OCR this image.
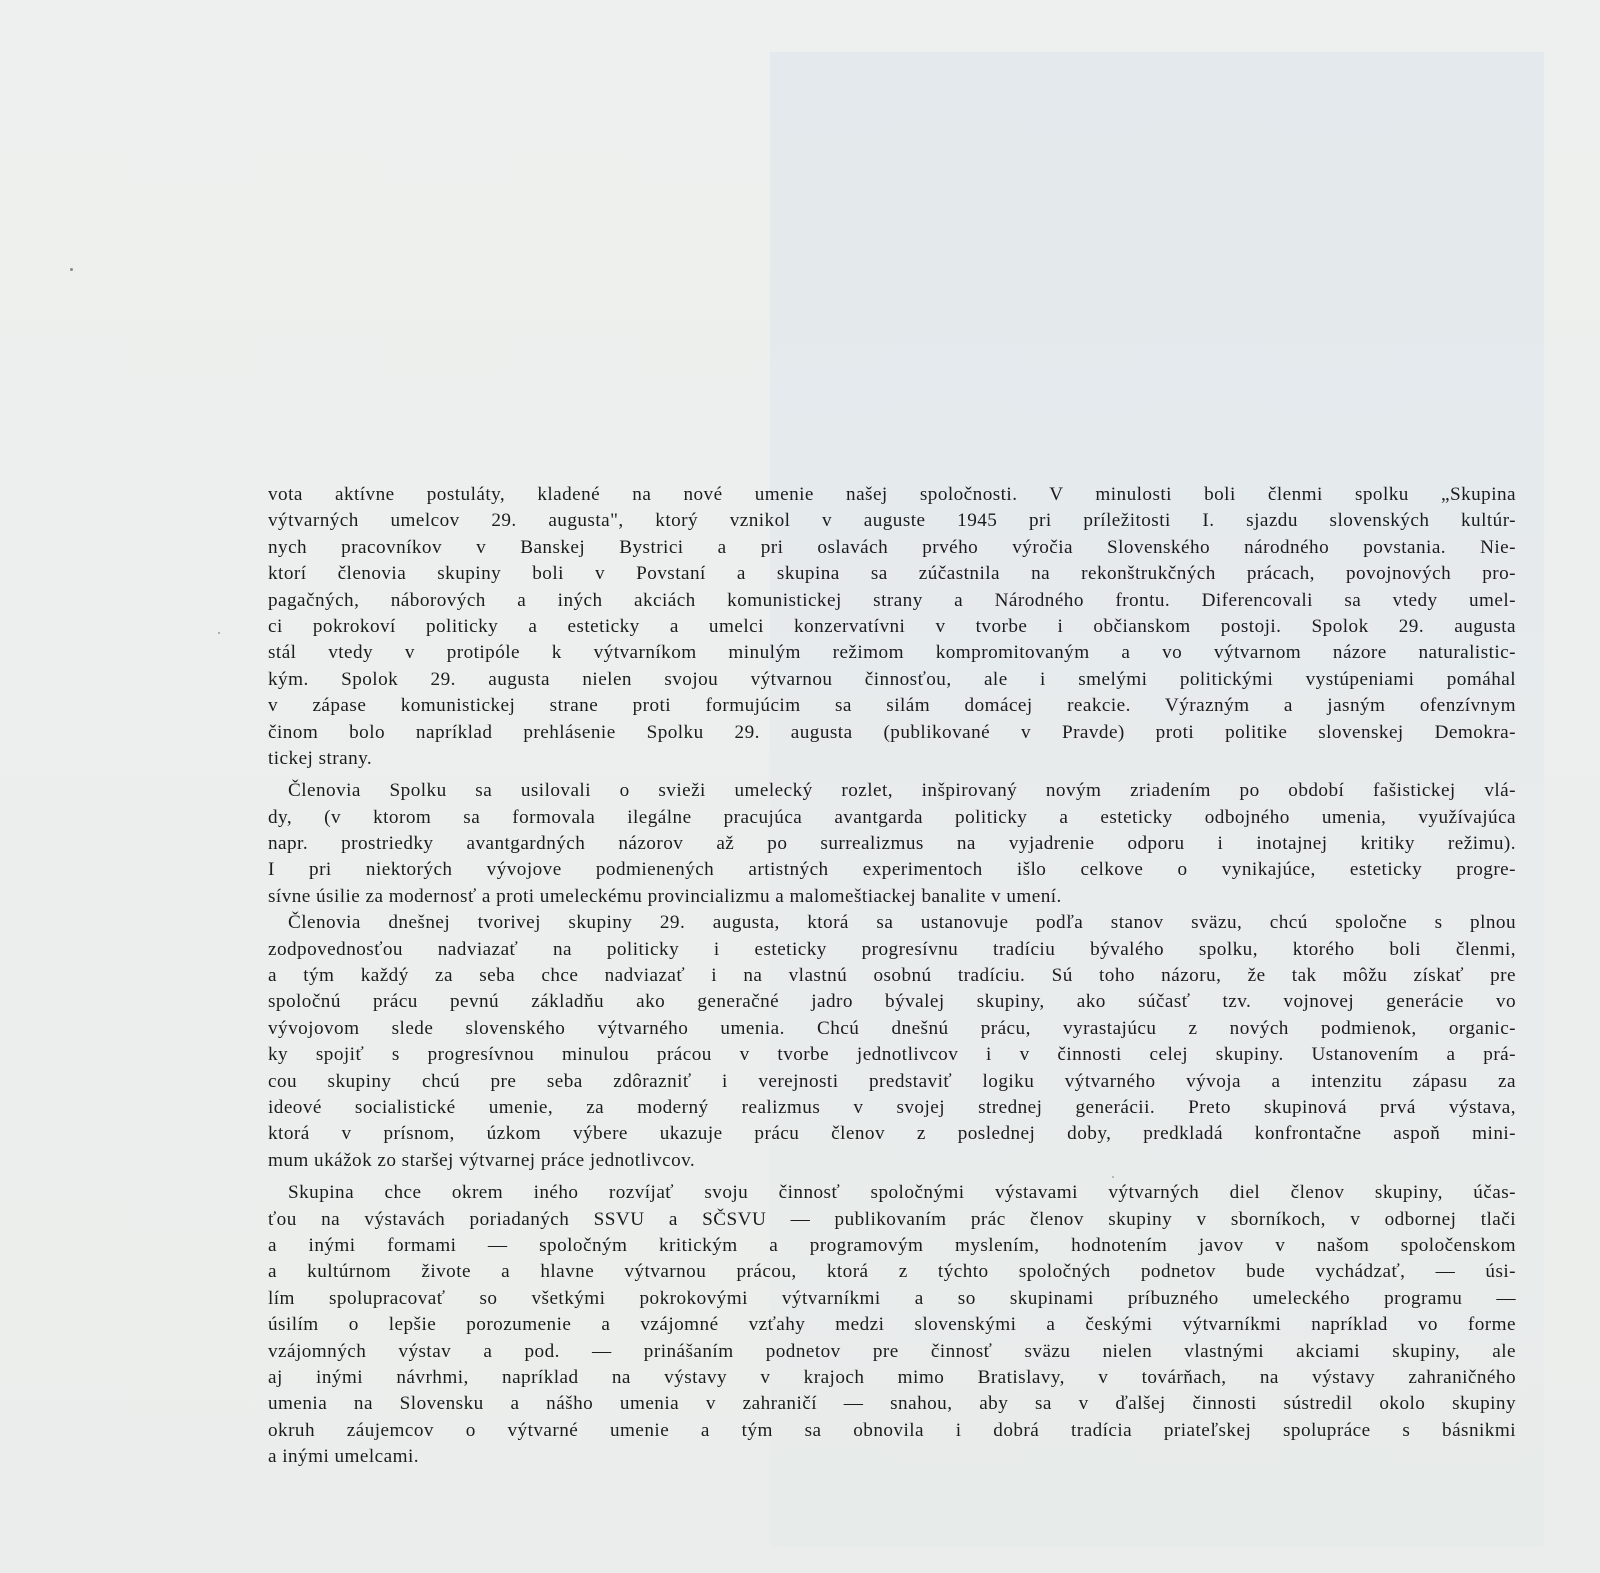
vota aktívne postuláty, kladené na nové umenie našej spoločnosti. V minulosti boli členmi spolku „Skupina
výtvarných umelcov 29. augusta", ktorý vznikol v auguste 1945 pri príležitosti I. sjazdu slovenských kultúr-
nych pracovníkov v Banskej Bystrici a pri oslavách prvého výročia Slovenského národného povstania. Nie-
ktorí členovia skupiny boli v Povstaní a skupina sa zúčastnila na rekonštrukčných prácach, povojnových pro-
pagačných, náborových a iných akciách komunistickej strany a Národného frontu. Diferencovali sa vtedy umel-
ci pokrokoví politicky a esteticky a umelci konzervatívni v tvorbe i občianskom postoji. Spolok 29. augusta
stál vtedy v protipóle k výtvarníkom minulým režimom kompromitovaným a vo výtvarnom názore naturalistic-
kým. Spolok 29. augusta nielen svojou výtvarnou činnosťou, ale i smelými politickými vystúpeniami pomáhal
v zápase komunistickej strane proti formujúcim sa silám domácej reakcie. Výrazným a jasným ofenzívnym
činom bolo napríklad prehlásenie Spolku 29. augusta (publikované v Pravde) proti politike slovenskej Demokra-
tickej strany.
Členovia Spolku sa usilovali o svieži umelecký rozlet, inšpirovaný novým zriadením po období fašistickej vlá-
dy, (v ktorom sa formovala ilegálne pracujúca avantgarda politicky a esteticky odbojného umenia, využívajúca
napr. prostriedky avantgardných názorov až po surrealizmus na vyjadrenie odporu i inotajnej kritiky režimu).
I pri niektorých vývojove podmienených artistných experimentoch išlo celkove o vynikajúce, esteticky progre-
sívne úsilie za modernosť a proti umeleckému provincializmu a malomeštiackej banalite v umení.
Členovia dnešnej tvorivej skupiny 29. augusta, ktorá sa ustanovuje podľa stanov sväzu, chcú spoločne s plnou
zodpovednosťou nadviazať na politicky i esteticky progresívnu tradíciu bývalého spolku, ktorého boli členmi,
a tým každý za seba chce nadviazať i na vlastnú osobnú tradíciu. Sú toho názoru, že tak môžu získať pre
spoločnú prácu pevnú základňu ako generačné jadro bývalej skupiny, ako súčasť tzv. vojnovej generácie vo
vývojovom slede slovenského výtvarného umenia. Chcú dnešnú prácu, vyrastajúcu z nových podmienok, organic-
ky spojiť s progresívnou minulou prácou v tvorbe jednotlivcov i v činnosti celej skupiny. Ustanovením a prá-
cou skupiny chcú pre seba zdôrazniť i verejnosti predstaviť logiku výtvarného vývoja a intenzitu zápasu za
ideové socialistické umenie, za moderný realizmus v svojej strednej generácii. Preto skupinová prvá výstava,
ktorá v prísnom, úzkom výbere ukazuje prácu členov z poslednej doby, predkladá konfrontačne aspoň mini-
mum ukážok zo staršej výtvarnej práce jednotlivcov.
Skupina chce okrem iného rozvíjať svoju činnosť spoločnými výstavami výtvarných diel členov skupiny, účas-
ťou na výstavách poriadaných SSVU a SČSVU — publikovaním prác členov skupiny v sborníkoch, v odbornej tlači
a inými formami — spoločným kritickým a programovým myslením, hodnotením javov v našom spoločenskom
a kultúrnom živote a hlavne výtvarnou prácou, ktorá z týchto spoločných podnetov bude vychádzať, — úsi-
lím spolupracovať so všetkými pokrokovými výtvarníkmi a so skupinami príbuzného umeleckého programu —
úsilím o lepšie porozumenie a vzájomné vzťahy medzi slovenskými a českými výtvarníkmi napríklad vo forme
vzájomných výstav a pod. — prinášaním podnetov pre činnosť sväzu nielen vlastnými akciami skupiny, ale
aj inými návrhmi, napríklad na výstavy v krajoch mimo Bratislavy, v továrňach, na výstavy zahraničného
umenia na Slovensku a nášho umenia v zahraničí — snahou, aby sa v ďalšej činnosti sústredil okolo skupiny
okruh záujemcov o výtvarné umenie a tým sa obnovila i dobrá tradícia priateľskej spolupráce s básnikmi
a inými umelcami.
